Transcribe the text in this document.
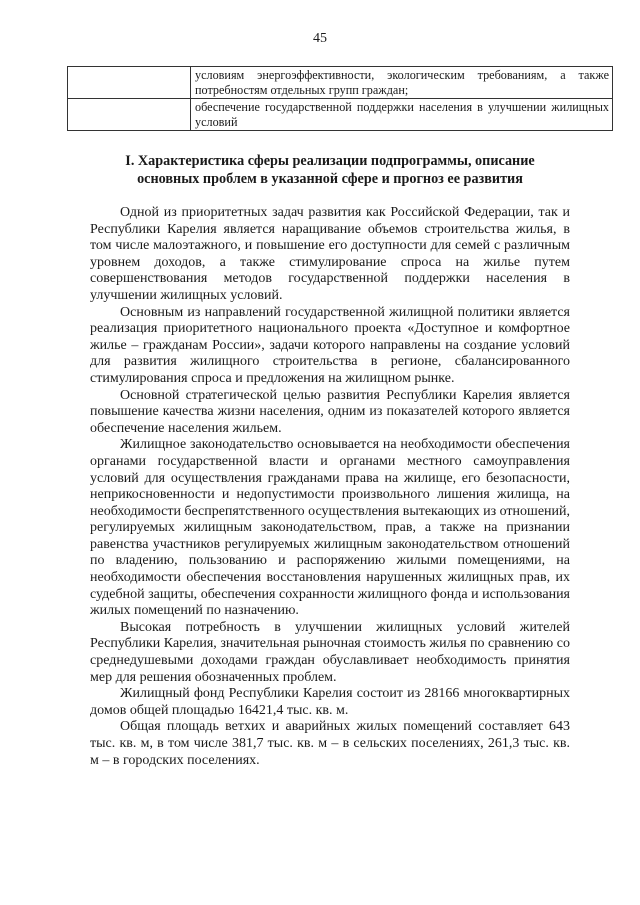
45

	условиям энергоэффективности, экологическим требованиям, а также потребностям отдельных групп граждан;

	обеспечение государственной поддержки населения в улучшении жилищных условий
I. Характеристика сферы реализации подпрограммы, описание основных проблем в указанной сфере и прогноз ее развития

Одной из приоритетных задач развития как Российской Федерации, так и Республики Карелия является наращивание объемов строительства жилья, в том числе малоэтажного, и повышение его доступности для семей с различным уровнем доходов, а также стимулирование спроса на жилье путем совершенствования методов государственной поддержки населения в улучшении жилищных условий.

Основным из направлений государственной жилищной политики является реализация приоритетного национального проекта «Доступное и комфортное жилье – гражданам России», задачи которого направлены на создание условий для развития жилищного строительства в регионе, сбалансированного стимулирования спроса и предложения на жилищном рынке.

Основной стратегической целью развития Республики Карелия является повышение качества жизни населения, одним из показателей которого является обеспечение населения жильем.

Жилищное законодательство основывается на необходимости обеспечения органами государственной власти и органами местного самоуправления условий для осуществления гражданами права на жилище, его безопасности, неприкосновенности и недопустимости произвольного лишения жилища, на необходимости беспрепятственного осуществления вытекающих из отношений, регулируемых жилищным законодательством, прав, а также на признании равенства участников регулируемых жилищным законодательством отношений по владению, пользованию и распоряжению жилыми помещениями, на необходимости обеспечения восстановления нарушенных жилищных прав, их судебной защиты, обеспечения сохранности жилищного фонда и использования жилых помещений по назначению.

Высокая потребность в улучшении жилищных условий жителей Республики Карелия, значительная рыночная стоимость жилья по сравнению со среднедушевыми доходами граждан обуславливает необходимость принятия мер для решения обозначенных проблем.

Жилищный фонд Республики Карелия состоит из 28166 многоквартирных домов общей площадью 16421,4 тыс. кв. м.

Общая площадь ветхих и аварийных жилых помещений составляет 643 тыс. кв. м, в том числе 381,7 тыс. кв. м – в сельских поселениях, 261,3 тыс. кв. м – в городских поселениях.
